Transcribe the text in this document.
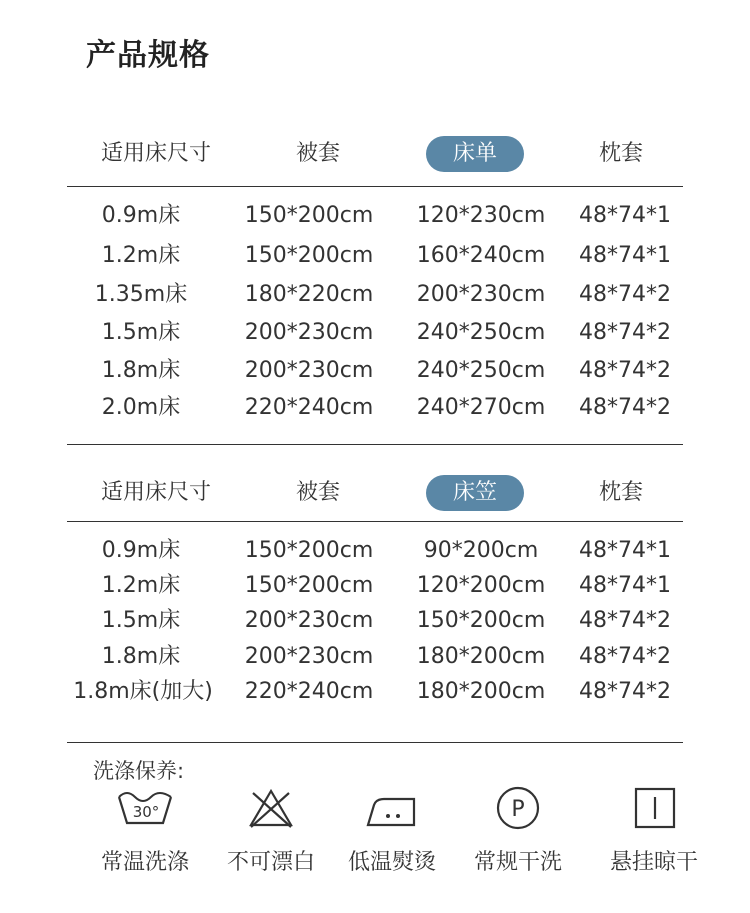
产品规格
适用床尺寸	被套	床单	枕套
0.9m床	150*200cm 120*230cm 48*74*1
1.2m床	150*200cm 160*240cm 48*74*1
1.35m床	180*220cm 200*230cm 48*74*2
1.5m床	200*230cm 240*250cm 48*74*2
1.8m床	200*230cm 240*250cm 48*74*2
2.0m床	220*240cm 240*270cm 48*74*2
适用床尺寸	被套	床笠	枕套
0.9m床	150*200cm 90*200cm 48*74*1
1.2m床	150*200cm 120*200cm 48*74*1
1.5m床	200*230cm 150*200cm 48*74*2
1.8m床	200*230cm 180*200cm 48*74*2
1.8m床(加大) 220*240cm 180*200cm 48*74*2
洗涤保养:
30°
常温洗涤	不可漂白	低温熨烫
P
常规干洗	悬挂晾干
